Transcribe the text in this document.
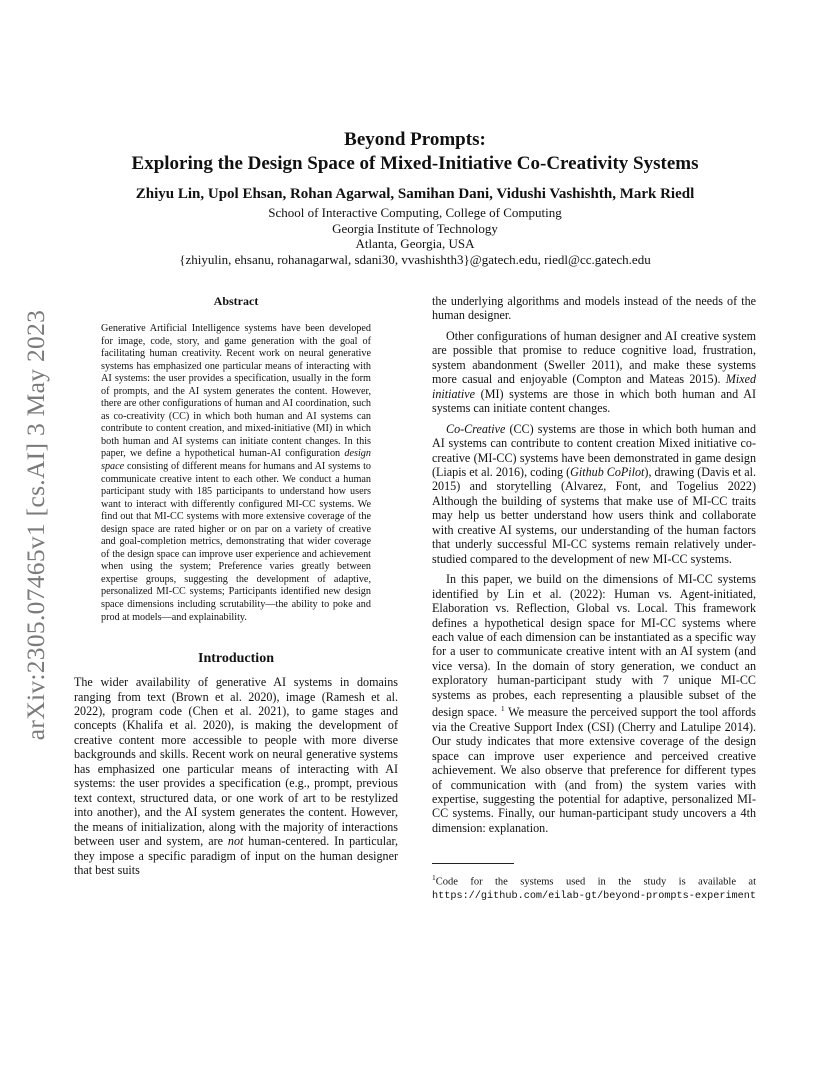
arXiv:2305.07465v1 [cs.AI] 3 May 2023
Beyond Prompts:
Exploring the Design Space of Mixed-Initiative Co-Creativity Systems
Zhiyu Lin, Upol Ehsan, Rohan Agarwal, Samihan Dani, Vidushi Vashishth, Mark Riedl
School of Interactive Computing, College of Computing
Georgia Institute of Technology
Atlanta, Georgia, USA
{zhiyulin, ehsanu, rohanagarwal, sdani30, vvashishth3}@gatech.edu, riedl@cc.gatech.edu
Abstract

Generative Artificial Intelligence systems have been developed for image, code, story, and game generation with the goal of facilitating human creativity. Recent work on neural generative systems has emphasized one particular means of interacting with AI systems: the user provides a specification, usually in the form of prompts, and the AI system generates the content. However, there are other configurations of human and AI coordination, such as co-creativity (CC) in which both human and AI systems can contribute to content creation, and mixed-initiative (MI) in which both human and AI systems can initiate content changes. In this paper, we define a hypothetical human-AI configuration design space consisting of different means for humans and AI systems to communicate creative intent to each other. We conduct a human participant study with 185 participants to understand how users want to interact with differently configured MI-CC systems. We find out that MI-CC systems with more extensive coverage of the design space are rated higher or on par on a variety of creative and goal-completion metrics, demonstrating that wider coverage of the design space can improve user experience and achievement when using the system; Preference varies greatly between expertise groups, suggesting the development of adaptive, personalized MI-CC systems; Participants identified new design space dimensions including scrutability—the ability to poke and prod at models—and explainability.

Introduction

The wider availability of generative AI systems in domains ranging from text (Brown et al. 2020), image (Ramesh et al. 2022), program code (Chen et al. 2021), to game stages and concepts (Khalifa et al. 2020), is making the development of creative content more accessible to people with more diverse backgrounds and skills. Recent work on neural generative systems has emphasized one particular means of interacting with AI systems: the user provides a specification (e.g., prompt, previous text context, structured data, or one work of art to be restylized into another), and the AI system generates the content. However, the means of initialization, along with the majority of interactions between user and system, are not human-centered. In particular, they impose a specific paradigm of input on the human designer that best suits

the underlying algorithms and models instead of the needs of the human designer.

Other configurations of human designer and AI creative system are possible that promise to reduce cognitive load, frustration, system abandonment (Sweller 2011), and make these systems more casual and enjoyable (Compton and Mateas 2015). Mixed initiative (MI) systems are those in which both human and AI systems can initiate content changes.

Co-Creative (CC) systems are those in which both human and AI systems can contribute to content creation Mixed initiative co-creative (MI-CC) systems have been demonstrated in game design (Liapis et al. 2016), coding (Github CoPilot), drawing (Davis et al. 2015) and storytelling (Alvarez, Font, and Togelius 2022) Although the building of systems that make use of MI-CC traits may help us better understand how users think and collaborate with creative AI systems, our understanding of the human factors that underly successful MI-CC systems remain relatively under-studied compared to the development of new MI-CC systems.

In this paper, we build on the dimensions of MI-CC systems identified by Lin et al. (2022): Human vs. Agent-initiated, Elaboration vs. Reflection, Global vs. Local. This framework defines a hypothetical design space for MI-CC systems where each value of each dimension can be instantiated as a specific way for a user to communicate creative intent with an AI system (and vice versa). In the domain of story generation, we conduct an exploratory human-participant study with 7 unique MI-CC systems as probes, each representing a plausible subset of the design space. $^1$ We measure the perceived support the tool affords via the Creative Support Index (CSI) (Cherry and Latulipe 2014). Our study indicates that more extensive coverage of the design space can improve user experience and perceived creative achievement. We also observe that preference for different types of communication with (and from) the system varies with expertise, suggesting the potential for adaptive, personalized MI-CC systems. Finally, our human-participant study uncovers a 4th dimension: explanation.

$^1$Code for the systems used in the study is available at https://github.com/eilab-gt/beyond-prompts-experiment
